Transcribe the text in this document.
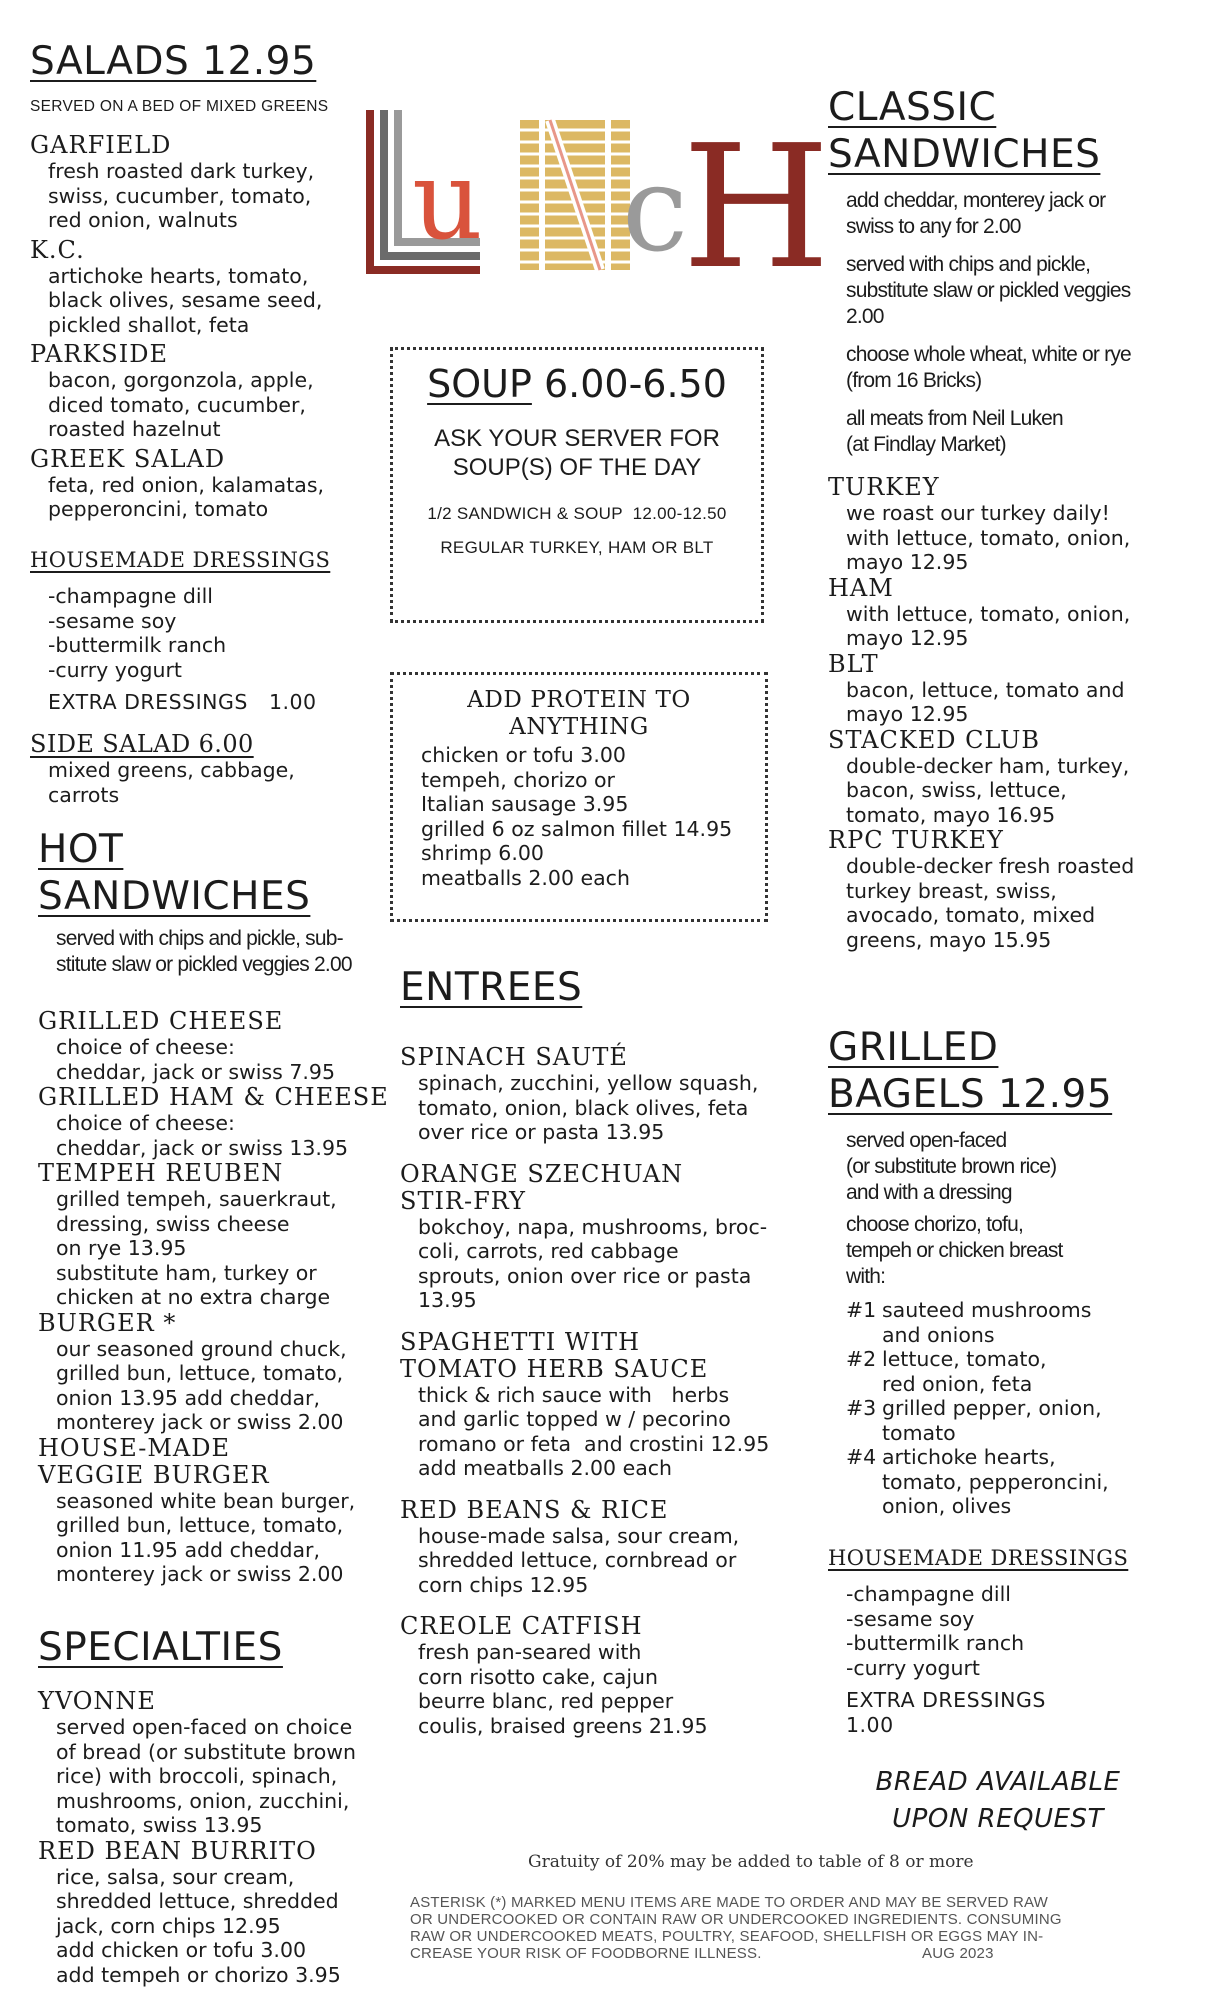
SALADS 12.95
SERVED ON A BED OF MIXED GREENS
GARFIELD
fresh roasted dark turkey,
swiss, cucumber, tomato,
red onion, walnuts
K.C.
artichoke hearts, tomato,
black olives, sesame seed,
pickled shallot, feta
PARKSIDE
bacon, gorgonzola, apple,
diced tomato, cucumber,
roasted hazelnut
GREEK SALAD
feta, red onion, kalamatas,
pepperoncini, tomato
HOUSEMADE DRESSINGS
-champagne dill
-sesame soy
-buttermilk ranch
-curry yogurt
EXTRA DRESSINGS   1.00
SIDE SALAD 6.00
mixed greens, cabbage,
carrots
HOT
SANDWICHES
served with chips and pickle, sub-
stitute slaw or pickled veggies 2.00
GRILLED CHEESE
choice of cheese:
cheddar, jack or swiss 7.95
GRILLED HAM & CHEESE
choice of cheese:
cheddar, jack or swiss 13.95
TEMPEH REUBEN
grilled tempeh, sauerkraut,
dressing, swiss cheese
on rye 13.95
substitute ham, turkey or
chicken at no extra charge
BURGER *
our seasoned ground chuck,
grilled bun, lettuce, tomato,
onion 13.95 add cheddar,
monterey jack or swiss 2.00
HOUSE-MADE
VEGGIE BURGER
seasoned white bean burger,
grilled bun, lettuce, tomato,
onion 11.95 add cheddar,
monterey jack or swiss 2.00
SPECIALTIES
YVONNE
served open-faced on choice
of bread (or substitute brown
rice) with broccoli, spinach,
mushrooms, onion, zucchini,
tomato, swiss 13.95
RED BEAN BURRITO
rice, salsa, sour cream,
shredded lettuce, shredded
jack, corn chips 12.95
add chicken or tofu 3.00
add tempeh or chorizo 3.95
u c
H
SOUP 6.00-6.50
ASK YOUR SERVER FOR
SOUP(S) OF THE DAY
1/2 SANDWICH & SOUP  12.00-12.50
REGULAR TURKEY, HAM OR BLT
ADD PROTEIN TO
ANYTHING
chicken or tofu 3.00
tempeh, chorizo or
Italian sausage 3.95
grilled 6 oz salmon fillet 14.95
shrimp 6.00
meatballs 2.00 each
ENTREES
SPINACH SAUTÉ
spinach, zucchini, yellow squash,
tomato, onion, black olives, feta
over rice or pasta 13.95
ORANGE SZECHUAN
STIR-FRY
bokchoy, napa, mushrooms, broc-
coli, carrots, red cabbage
sprouts, onion over rice or pasta
13.95
SPAGHETTI WITH
TOMATO HERB SAUCE
thick & rich sauce with   herbs
and garlic topped w / pecorino
romano or feta  and crostini 12.95
add meatballs 2.00 each
RED BEANS & RICE
house-made salsa, sour cream,
shredded lettuce, cornbread or
corn chips 12.95
CREOLE CATFISH
fresh pan-seared with
corn risotto cake, cajun
beurre blanc, red pepper
coulis, braised greens 21.95
CLASSIC
SANDWICHES
add cheddar, monterey jack or
swiss to any for 2.00
served with chips and pickle,
substitute slaw or pickled veggies
2.00
choose whole wheat, white or rye
(from 16 Bricks)
all meats from Neil Luken
(at Findlay Market)
TURKEY
we roast our turkey daily!
with lettuce, tomato, onion,
mayo 12.95
HAM
with lettuce, tomato, onion,
mayo 12.95
BLT
bacon, lettuce, tomato and
mayo 12.95
STACKED CLUB
double-decker ham, turkey,
bacon, swiss, lettuce,
tomato, mayo 16.95
RPC TURKEY
double-decker fresh roasted
turkey breast, swiss,
avocado, tomato, mixed
greens, mayo 15.95
GRILLED
BAGELS 12.95
served open-faced
(or substitute brown rice)
and with a dressing
choose chorizo, tofu,
tempeh or chicken breast
with:
#1 sauteed mushrooms
and onions
#2 lettuce, tomato,
red onion, feta
#3 grilled pepper, onion,
tomato
#4 artichoke hearts,
tomato, pepperoncini,
onion, olives
HOUSEMADE DRESSINGS
-champagne dill
-sesame soy
-buttermilk ranch
-curry yogurt
EXTRA DRESSINGS
1.00
BREAD AVAILABLE
UPON REQUEST
Gratuity of 20% may be added to table of 8 or more
ASTERISK (*) MARKED MENU ITEMS ARE MADE TO ORDER AND MAY BE SERVED RAW
OR UNDERCOOKED OR CONTAIN RAW OR UNDERCOOKED INGREDIENTS. CONSUMING
RAW OR UNDERCOOKED MEATS, POULTRY, SEAFOOD, SHELLFISH OR EGGS MAY IN-
CREASE YOUR RISK OF FOODBORNE ILLNESS.	AUG 2023
